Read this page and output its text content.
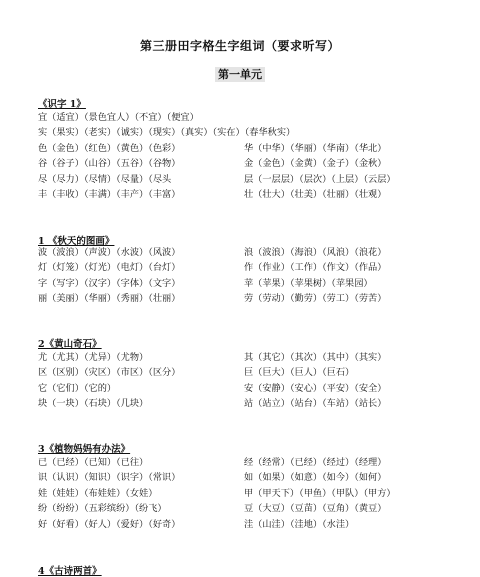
第三册田字格生字组词（要求听写）
第一单元
《识字 1》
宜（适宜）（景色宜人）（不宜）（便宜）
实（果实）（老实）（诚实）（现实）（真实）（实在）（春华秋实）
色（金色）（红色）（黄色）（色彩）	华（中华）（华丽）（华南）（华北）
谷（谷子）（山谷）（五谷）（谷物）	金（金色）（金黄）（金子）（金秋）
尽（尽力）（尽情）（尽量）（尽头	层（一层层）（层次）（上层）（云层）
丰（丰收）（丰满）（丰产）（丰富）	壮（壮大）（壮美）（壮丽）（壮观）
1 《秋天的图画》
波（波浪）（声波）（水波）（风波）	浪（波浪）（海浪）（风浪）（浪花）
灯（灯笼）（灯光）（电灯）（台灯）	作（作业）（工作）（作文）（作品）
字（写字）（汉字）（字体）（文字）	苹（苹果）（苹果树）（苹果园）
丽（美丽）（华丽）（秀丽）（壮丽）	劳（劳动）（勤劳）（劳工）（劳苦）
2《黄山奇石》
尤（尤其）（尤异）（尤物）	其（其它）（其次）（其中）（其实）
区（区别）（灾区）（市区）（区分）	巨（巨大）（巨人）（巨石）
它（它们）（它的）	安（安静）（安心）（平安）（安全）
块（一块）（石块）（几块）	站（站立）（站台）（车站）（站长）
3《植物妈妈有办法》
已（已经）（已知）（已往）	经（经常）（已经）（经过）（经理）
识（认识）（知识）（识字）（常识）	如（如果）（如意）（如今）（如何）
娃（娃娃）（布娃娃）（女娃）	甲（甲天下）（甲鱼）（甲队）（甲方）
纷（纷纷）（五彩缤纷）（纷飞）	豆（大豆）（豆苗）（豆角）（黄豆）
好（好看）（好人）（爱好）（好奇）	洼（山洼）（洼地）（水洼）
4《古诗两首》
